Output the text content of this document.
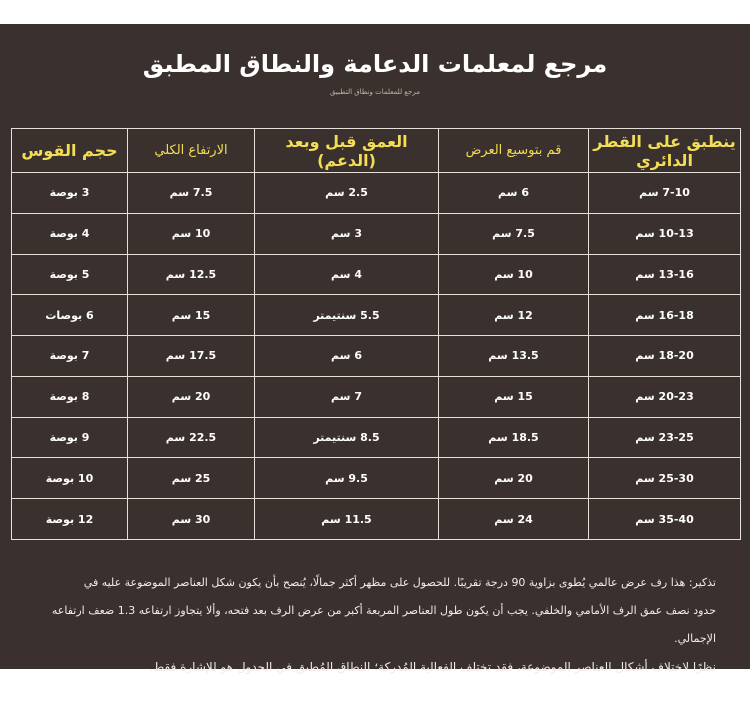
مرجع لمعلمات الدعامة والنطاق المطبق
مرجع للمعلمات ونطاق التطبيق
ينطبق على القطر الدائري	قم بتوسيع العرض	العمق قبل وبعد (الدعم)	الارتفاع الكلي	حجم القوس
7-10 سم	6 سم	2.5 سم	7.5 سم	3 بوصة
10-13 سم	7.5 سم	3 سم	10 سم	4 بوصة
13-16 سم	10 سم	4 سم	12.5 سم	5 بوصة
16-18 سم	12 سم	5.5 سنتيمتر	15 سم	6 بوصات
18-20 سم	13.5 سم	6 سم	17.5 سم	7 بوصة
20-23 سم	15 سم	7 سم	20 سم	8 بوصة
23-25 سم	18.5 سم	8.5 سنتيمتر	22.5 سم	9 بوصة
25-30 سم	20 سم	9.5 سم	25 سم	10 بوصة
35-40 سم	24 سم	11.5 سم	30 سم	12 بوصة

تذكير: هذا رف عرض عالمي يُطوى بزاوية 90 درجة تقريبًا. للحصول على مظهر أكثر جمالًا، يُنصح بأن يكون شكل العناصر الموضوعة عليه في

حدود نصف عمق الرف الأمامي والخلفي. يجب أن يكون طول العناصر المربعة أكبر من عرض الرف بعد فتحه، وألا يتجاوز ارتفاعه 1.3 ضعف ارتفاعه الإجمالي.

نظرًا لاختلاف أشكال العناصر الموضوعة، فقد تختلف الفعالية المُدركة؛ النطاق المُطبق في الجدول هو للإشارة فقط.
